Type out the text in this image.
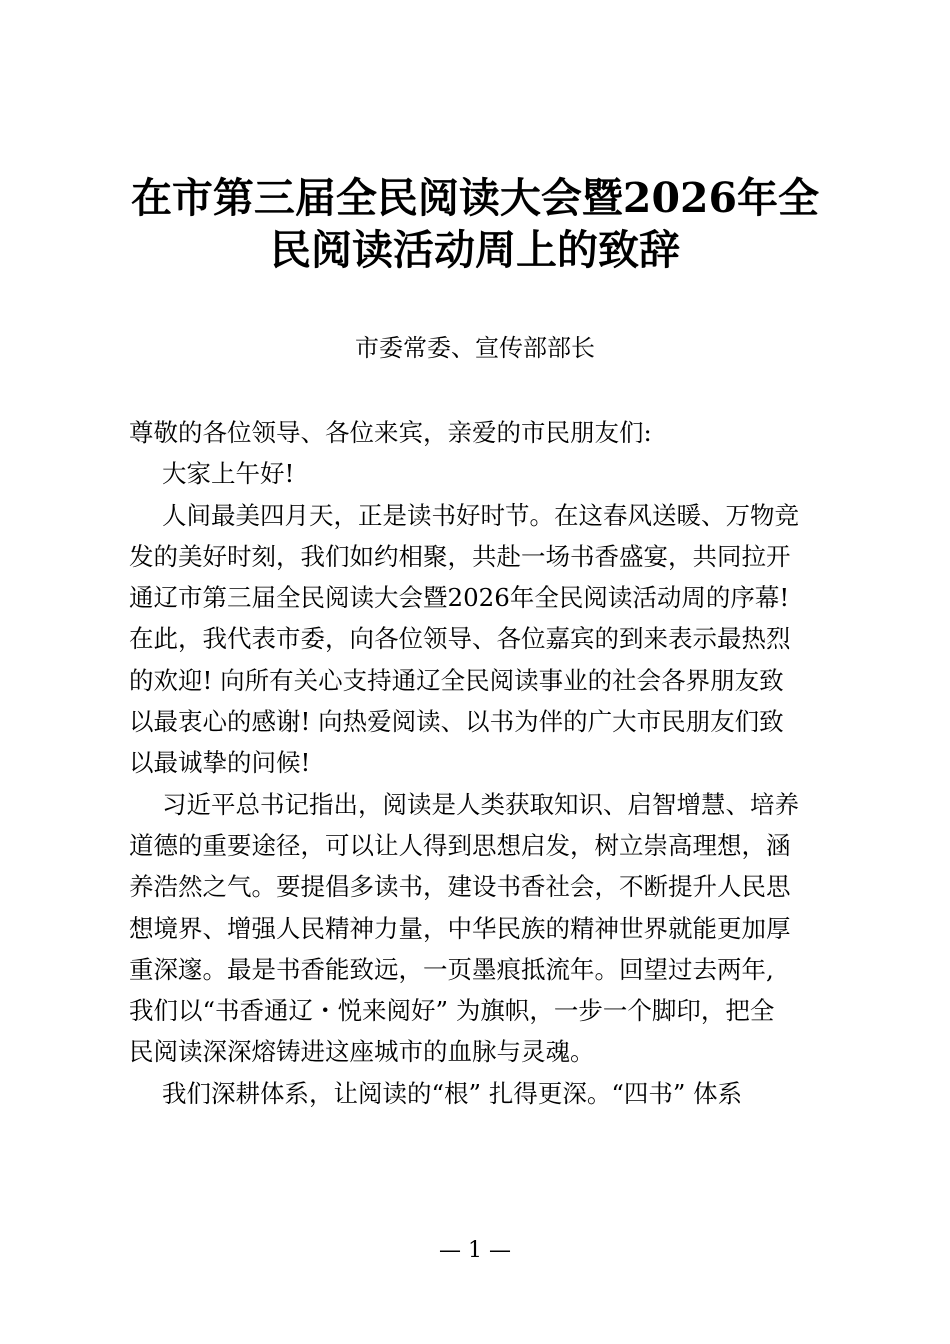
在市第三届全民阅读大会暨2026年全
民阅读活动周上的致辞
市委常委、宣传部部长
尊敬的各位领导、各位来宾，亲爱的市民朋友们:
大家上午好!
人间最美四月天，正是读书好时节。在这春风送暖、万物竞
发的美好时刻，我们如约相聚，共赴一场书香盛宴，共同拉开
通辽市第三届全民阅读大会暨2026年全民阅读活动周的序幕!
在此，我代表市委，向各位领导、各位嘉宾的到来表示最热烈
的欢迎! 向所有关心支持通辽全民阅读事业的社会各界朋友致
以最衷心的感谢! 向热爱阅读、以书为伴的广大市民朋友们致
以最诚挚的问候!
习近平总书记指出，阅读是人类获取知识、启智增慧、培养
道德的重要途径，可以让人得到思想启发，树立崇高理想，涵
养浩然之气。要提倡多读书，建设书香社会，不断提升人民思
想境界、增强人民精神力量，中华民族的精神世界就能更加厚
重深邃。最是书香能致远，一页墨痕抵流年。回望过去两年,
我们以“书香通辽・悦来阅好” 为旗帜，一步一个脚印，把全
民阅读深深熔铸进这座城市的血脉与灵魂。
我们深耕体系，让阅读的“根” 扎得更深。“四书” 体系
— 1 —
